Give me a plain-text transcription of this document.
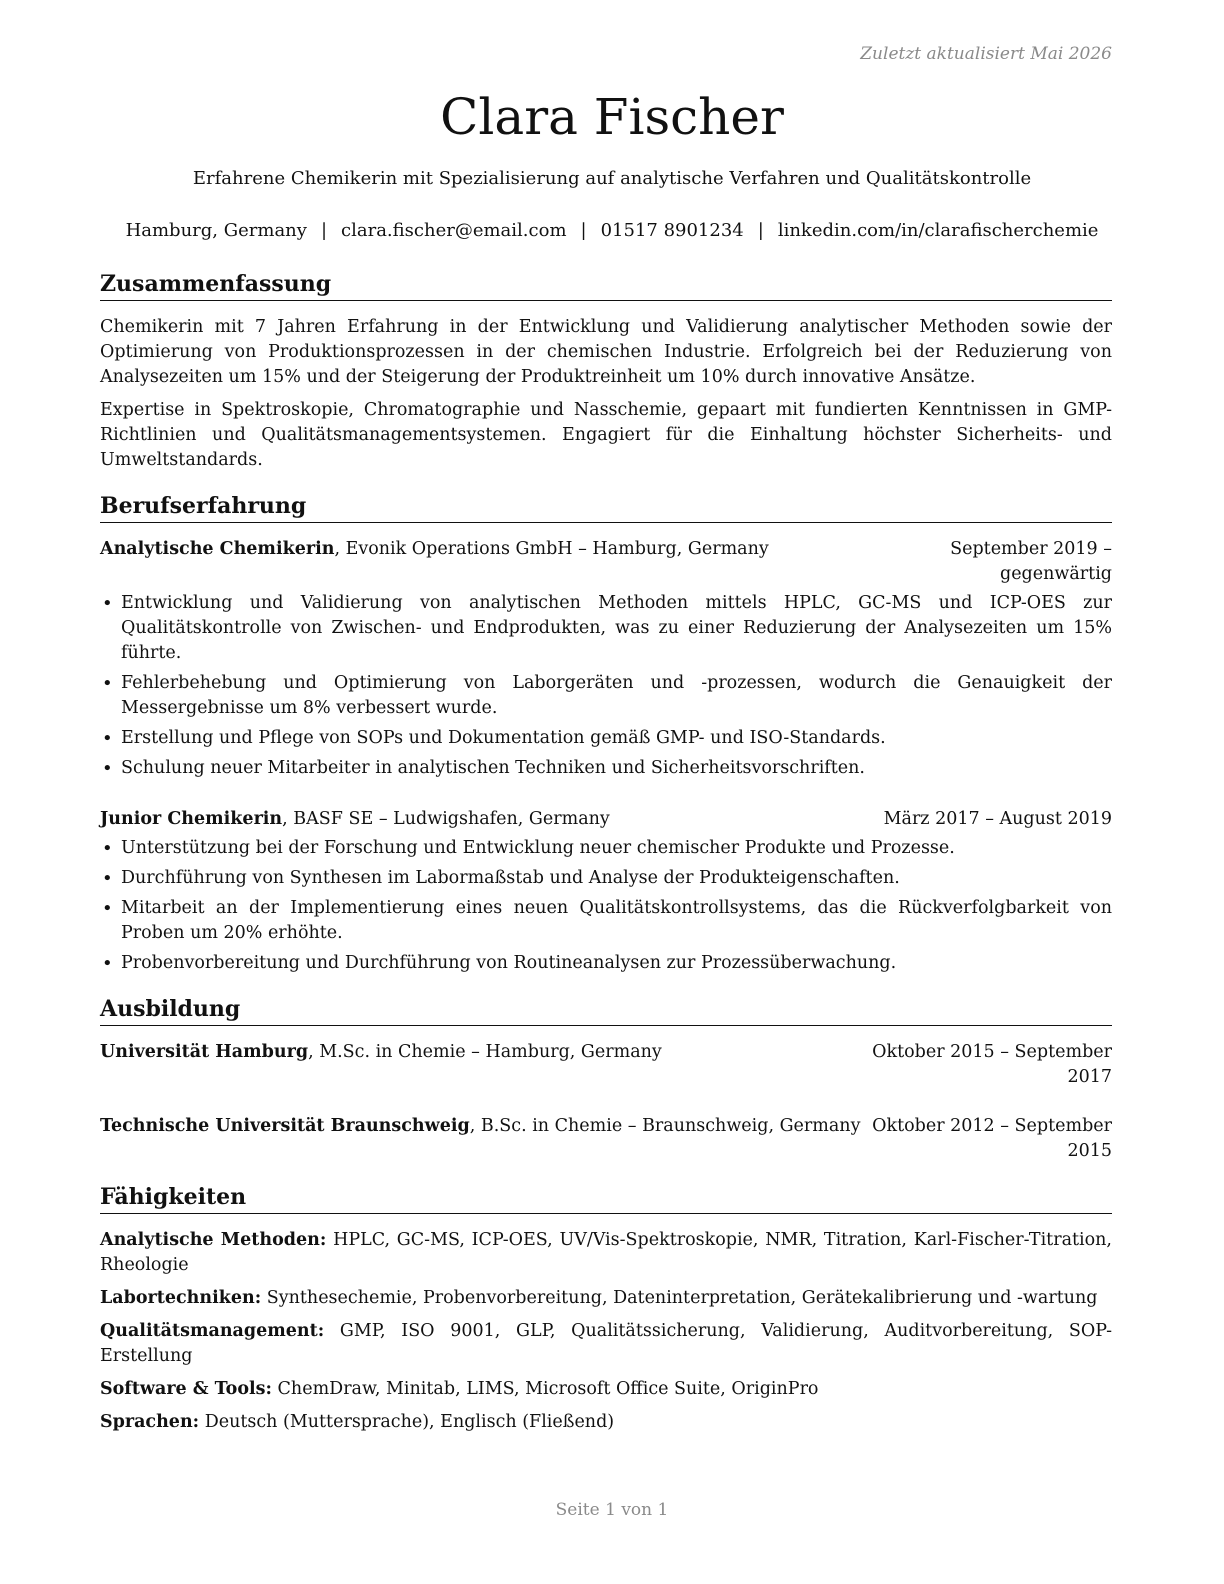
Zuletzt aktualisiert Mai 2026
Clara Fischer
Erfahrene Chemikerin mit Spezialisierung auf analytische Verfahren und Qualitätskontrolle
Hamburg, Germany | clara.fischer@email.com | 01517 8901234 | linkedin.com/in/clarafischerchemie
Zusammenfassung

Chemikerin mit 7 Jahren Erfahrung in der Entwicklung und Validierung analytischer Methoden sowie der Optimierung von Produktionsprozessen in der chemischen Industrie. Erfolgreich bei der Reduzierung von Analysezeiten um 15% und der Steigerung der Produktreinheit um 10% durch innovative Ansätze.

Expertise in Spektroskopie, Chromatographie und Nasschemie, gepaart mit fundierten Kenntnissen in GMP-Richtlinien und Qualitätsmanagementsystemen. Engagiert für die Einhaltung höchster Sicherheits- und Umweltstandards.

Berufserfahrung
Analytische Chemikerin, Evonik Operations GmbH – Hamburg, Germany	September 2019 – gegenwärtig
• Entwicklung und Validierung von analytischen Methoden mittels HPLC, GC-MS und ICP-OES zur Qualitätskontrolle von Zwischen- und Endprodukten, was zu einer Reduzierung der Analysezeiten um 15% führte.
• Fehlerbehebung und Optimierung von Laborgeräten und -prozessen, wodurch die Genauigkeit der Messergebnisse um 8% verbessert wurde.
• Erstellung und Pflege von SOPs und Dokumentation gemäß GMP- und ISO-Standards.
• Schulung neuer Mitarbeiter in analytischen Techniken und Sicherheitsvorschriften.
Junior Chemikerin, BASF SE – Ludwigshafen, Germany	März 2017 – August 2019
• Unterstützung bei der Forschung und Entwicklung neuer chemischer Produkte und Prozesse.
• Durchführung von Synthesen im Labormaßstab und Analyse der Produkteigenschaften.
• Mitarbeit an der Implementierung eines neuen Qualitätskontrollsystems, das die Rückverfolgbarkeit von Proben um 20% erhöhte.
• Probenvorbereitung und Durchführung von Routineanalysen zur Prozessüberwachung.
Ausbildung
Universität Hamburg, M.Sc. in Chemie – Hamburg, Germany	Oktober 2015 – September 2017
Technische Universität Braunschweig, B.Sc. in Chemie – Braunschweig, Germany Oktober 2012 – September 2015
Fähigkeiten
Analytische Methoden: HPLC, GC-MS, ICP-OES, UV/Vis-Spektroskopie, NMR, Titration, Karl-Fischer-Titration, Rheologie
Labortechniken: Synthesechemie, Probenvorbereitung, Dateninterpretation, Gerätekalibrierung und -wartung
Qualitätsmanagement: GMP, ISO 9001, GLP, Qualitätssicherung, Validierung, Auditvorbereitung, SOP-Erstellung
Software & Tools: ChemDraw, Minitab, LIMS, Microsoft Office Suite, OriginPro
Sprachen: Deutsch (Muttersprache), Englisch (Fließend)
Seite 1 von 1
